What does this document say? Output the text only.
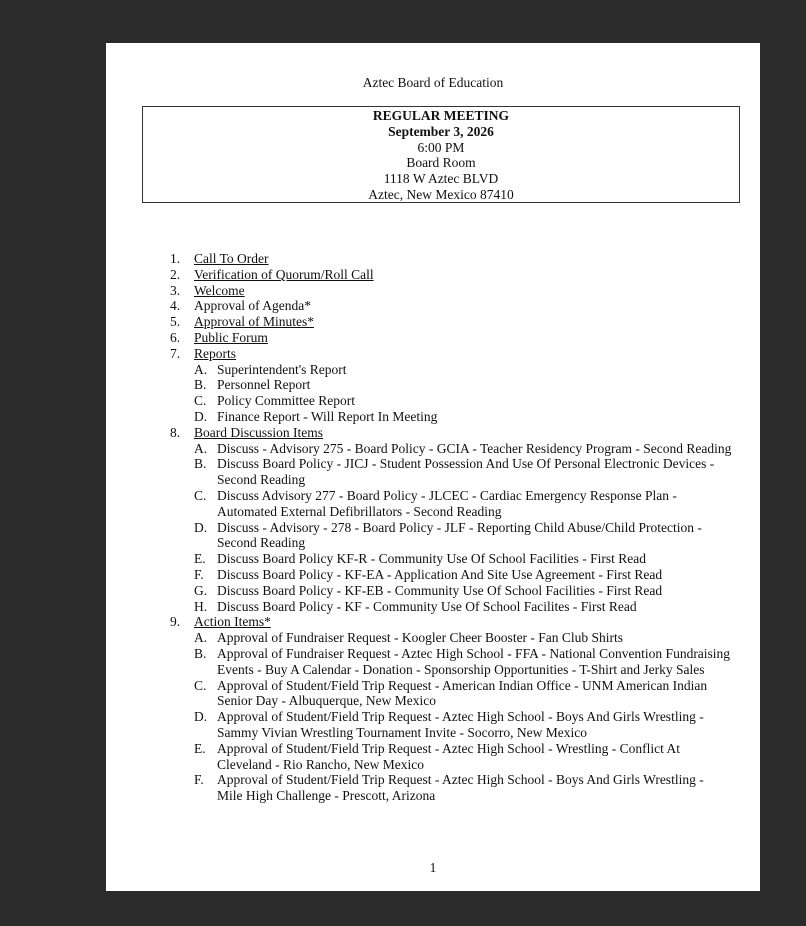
Aztec Board of Education
REGULAR MEETING
September 3, 2026
6:00 PM
Board Room
1118 W Aztec BLVD
Aztec, New Mexico 87410
1.	Call To Order
2.	Verification of Quorum/Roll Call
3.	Welcome
4.	Approval of Agenda*
5.	Approval of Minutes*
6.	Public Forum
7.	Reports
A. Superintendent's Report
B. Personnel Report
C. Policy Committee Report
D. Finance Report - Will Report In Meeting
8.	Board Discussion Items
A. Discuss - Advisory 275 - Board Policy - GCIA - Teacher Residency Program - Second Reading
B. Discuss Board Policy - JICJ - Student Possession And Use Of Personal Electronic Devices - Second Reading
C. Discuss Advisory 277 - Board Policy - JLCEC - Cardiac Emergency Response Plan - Automated External Defibrillators - Second Reading
D. Discuss - Advisory - 278 - Board Policy - JLF - Reporting Child Abuse/Child Protection - Second Reading
E. Discuss Board Policy KF-R - Community Use Of School Facilities - First Read
F. Discuss Board Policy - KF-EA - Application And Site Use Agreement - First Read
G. Discuss Board Policy - KF-EB - Community Use Of School Facilities - First Read
H. Discuss Board Policy - KF - Community Use Of School Facilites - First Read
9.	Action Items*
A. Approval of Fundraiser Request - Koogler Cheer Booster - Fan Club Shirts
B. Approval of Fundraiser Request - Aztec High School - FFA - National Convention Fundraising Events - Buy A Calendar - Donation - Sponsorship Opportunities - T-Shirt and Jerky Sales
C. Approval of Student/Field Trip Request - American Indian Office - UNM American Indian Senior Day - Albuquerque, New Mexico
D. Approval of Student/Field Trip Request - Aztec High School - Boys And Girls Wrestling - Sammy Vivian Wrestling Tournament Invite - Socorro, New Mexico
E. Approval of Student/Field Trip Request - Aztec High School - Wrestling - Conflict At Cleveland - Rio Rancho, New Mexico
F. Approval of Student/Field Trip Request - Aztec High School - Boys And Girls Wrestling - Mile High Challenge - Prescott, Arizona
1
